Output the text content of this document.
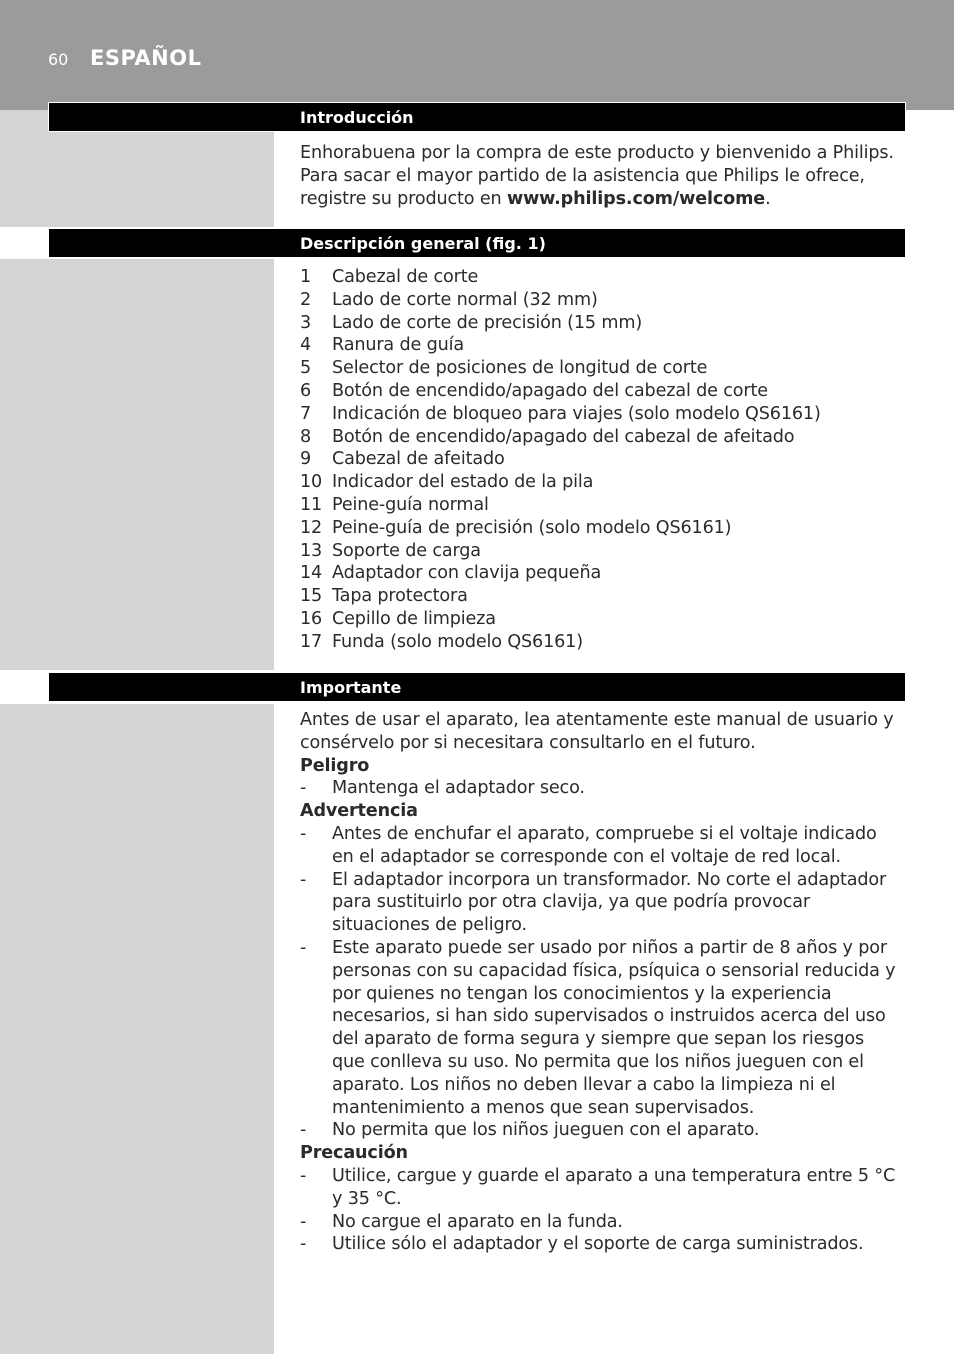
60 ESPAÑOL
Introducción

Enhorabuena por la compra de este producto y bienvenido a Philips. Para sacar el mayor partido de la asistencia que Philips le ofrece, registre su producto en www.philips.com/welcome.

Descripción general (fig. 1)
1	Cabezal de corte
2	Lado de corte normal (32 mm)
3	Lado de corte de precisión (15 mm)
4	Ranura de guía
5	Selector de posiciones de longitud de corte
6	Botón de encendido/apagado del cabezal de corte
7	Indicación de bloqueo para viajes (solo modelo QS6161)
8	Botón de encendido/apagado del cabezal de afeitado
9	Cabezal de afeitado
10 Indicador del estado de la pila
11 Peine-guía normal
12 Peine-guía de precisión (solo modelo QS6161)
13 Soporte de carga
14 Adaptador con clavija pequeña
15 Tapa protectora
16 Cepillo de limpieza
17 Funda (solo modelo QS6161)
Importante

Antes de usar el aparato, lea atentamente este manual de usuario y consérvelo por si necesitara consultarlo en el futuro.

Peligro

-	Mantenga el adaptador seco.

Advertencia

-	Antes de enchufar el aparato, compruebe si el voltaje indicado en el adaptador se corresponde con el voltaje de red local.
-	El adaptador incorpora un transformador. No corte el adaptador para sustituirlo por otra clavija, ya que podría provocar situaciones de peligro.
-	Este aparato puede ser usado por niños a partir de 8 años y por personas con su capacidad física, psíquica o sensorial reducida y por quienes no tengan los conocimientos y la experiencia necesarios, si han sido supervisados o instruidos acerca del uso del aparato de forma segura y siempre que sepan los riesgos que conlleva su uso. No permita que los niños jueguen con el aparato. Los niños no deben llevar a cabo la limpieza ni el mantenimiento a menos que sean supervisados.
-	No permita que los niños jueguen con el aparato.

Precaución

-	Utilice, cargue y guarde el aparato a una temperatura entre 5 °C y 35 °C.
-	No cargue el aparato en la funda.
-	Utilice sólo el adaptador y el soporte de carga suministrados.
